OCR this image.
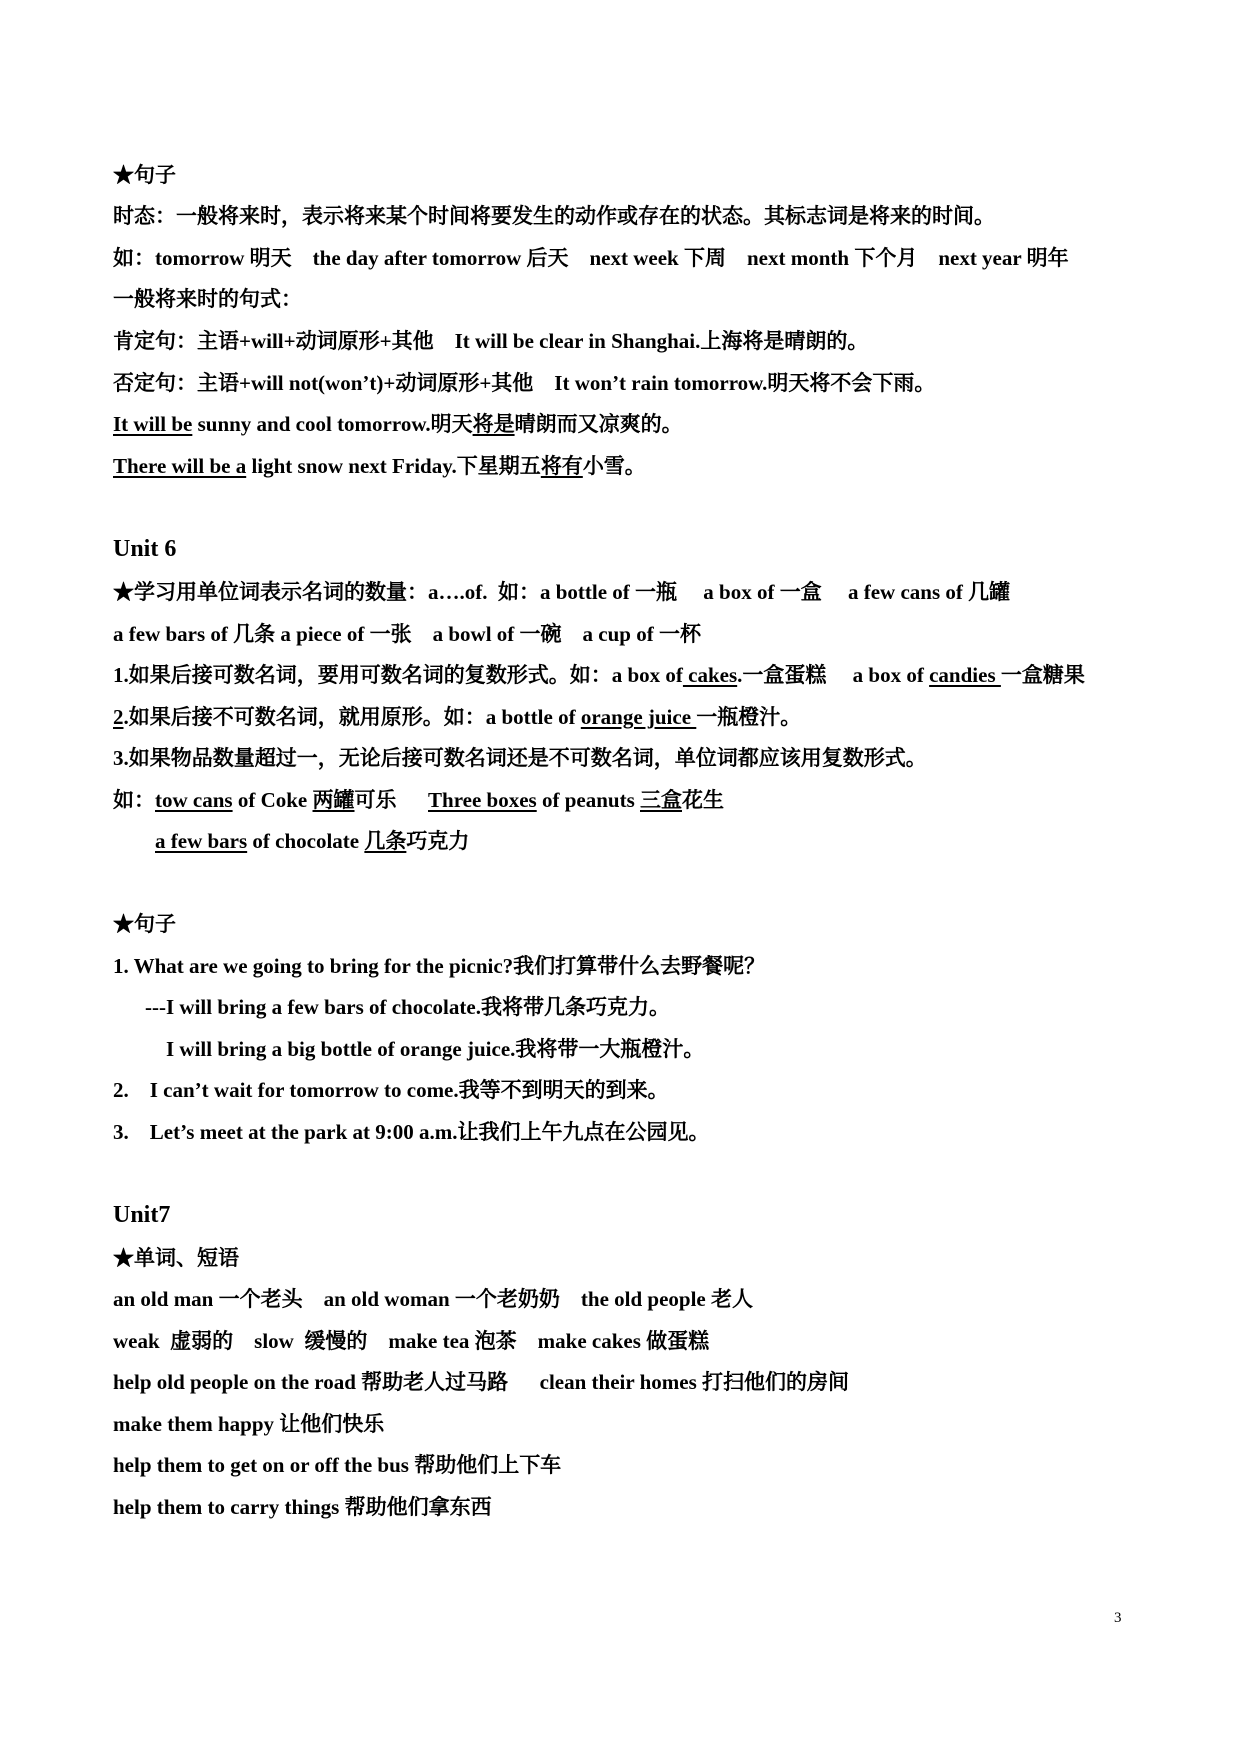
★句子
时态：一般将来时，表示将来某个时间将要发生的动作或存在的状态。其标志词是将来的时间。
如：tomorrow 明天    the day after tomorrow 后天    next week 下周    next month 下个月    next year 明年
一般将来时的句式：
肯定句：主语+will+动词原形+其他    It will be clear in Shanghai.上海将是晴朗的。
否定句：主语+will not(won’t)+动词原形+其他    It won’t rain tomorrow.明天将不会下雨。
It will be sunny and cool tomorrow.明天将是晴朗而又凉爽的。
There will be a light snow next Friday.下星期五将有小雪。
Unit 6
★学习用单位词表示名词的数量：a….of.  如：a bottle of 一瓶     a box of 一盒     a few cans of 几罐
a few bars of 几条 a piece of 一张    a bowl of 一碗    a cup of 一杯
1.如果后接可数名词，要用可数名词的复数形式。如：a box of cakes.一盒蛋糕     a box of candies 一盒糖果
2.如果后接不可数名词，就用原形。如：a bottle of orange juice 一瓶橙汁。
3.如果物品数量超过一，无论后接可数名词还是不可数名词，单位词都应该用复数形式。
如：tow cans of Coke 两罐可乐      Three boxes of peanuts 三盒花生
a few bars of chocolate 几条巧克力
★句子
1. What are we going to bring for the picnic?我们打算带什么去野餐呢？
---I will bring a few bars of chocolate.我将带几条巧克力。
I will bring a big bottle of orange juice.我将带一大瓶橙汁。
2.    I can’t wait for tomorrow to come.我等不到明天的到来。
3.    Let’s meet at the park at 9:00 a.m.让我们上午九点在公园见。
Unit7
★单词、短语
an old man 一个老头    an old woman 一个老奶奶    the old people 老人
weak  虚弱的    slow  缓慢的    make tea 泡茶    make cakes 做蛋糕
help old people on the road 帮助老人过马路      clean their homes 打扫他们的房间
make them happy 让他们快乐
help them to get on or off the bus 帮助他们上下车
help them to carry things 帮助他们拿东西
3
